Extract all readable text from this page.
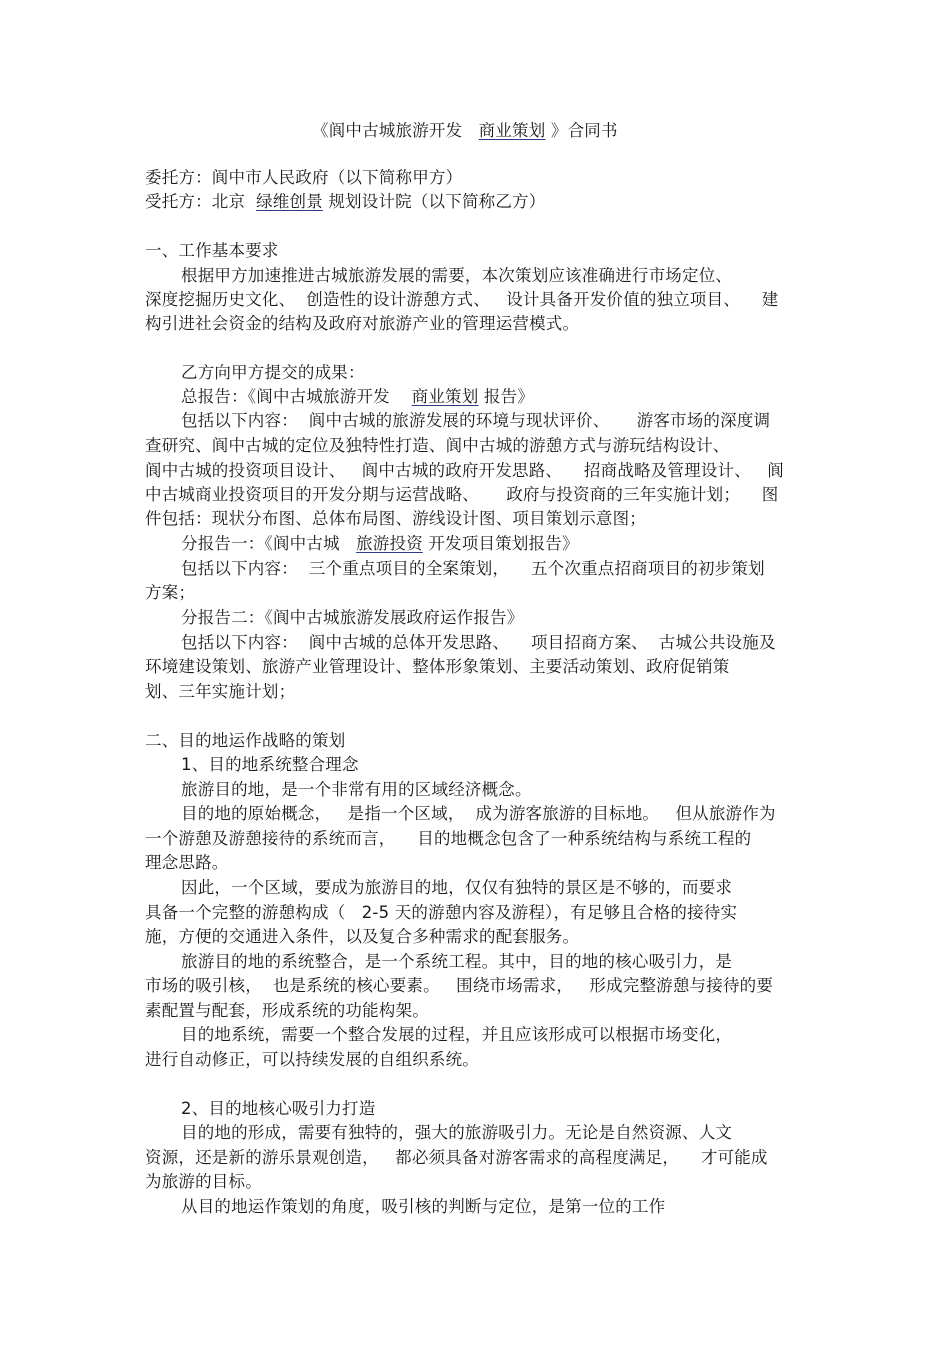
《阆中古城旅游开发   商业策划 》合同书

委托方：阆中市人民政府（以下简称甲方）

受托方：北京  绿维创景 规划设计院（以下简称乙方）

一、工作基本要求

根据甲方加速推进古城旅游发展的需要，本次策划应该准确进行市场定位、

深度挖掘历史文化、  创造性的设计游憩方式、   设计具备开发价值的独立项目、    建

构引进社会资金的结构及政府对旅游产业的管理运营模式。

乙方向甲方提交的成果：

总报告：《阆中古城旅游开发    商业策划 报告》

包括以下内容：  阆中古城的旅游发展的环境与现状评价、     游客市场的深度调

查研究、阆中古城的定位及独特性打造、阆中古城的游憩方式与游玩结构设计、

阆中古城的投资项目设计、   阆中古城的政府开发思路、    招商战略及管理设计、   阆

中古城商业投资项目的开发分期与运营战略、     政府与投资商的三年实施计划；    图

件包括：现状分布图、总体布局图、游线设计图、项目策划示意图；

分报告一：《阆中古城   旅游投资 开发项目策划报告》

包括以下内容：  三个重点项目的全案策划，    五个次重点招商项目的初步策划

方案；

分报告二：《阆中古城旅游发展政府运作报告》

包括以下内容：  阆中古城的总体开发思路、    项目招商方案、  古城公共设施及

环境建设策划、旅游产业管理设计、整体形象策划、主要活动策划、政府促销策

划、三年实施计划；

二、目的地运作战略的策划

1、目的地系统整合理念

旅游目的地，是一个非常有用的区域经济概念。

目的地的原始概念，   是指一个区域，  成为游客旅游的目标地。   但从旅游作为

一个游憩及游憩接待的系统而言，    目的地概念包含了一种系统结构与系统工程的

理念思路。

因此，一个区域，要成为旅游目的地，仅仅有独特的景区是不够的，而要求

具备一个完整的游憩构成（   2-5 天的游憩内容及游程），有足够且合格的接待实

施，方便的交通进入条件，以及复合多种需求的配套服务。

旅游目的地的系统整合，是一个系统工程。其中，目的地的核心吸引力，是

市场的吸引核，  也是系统的核心要素。   围绕市场需求，   形成完整游憩与接待的要

素配置与配套，形成系统的功能构架。

目的地系统，需要一个整合发展的过程，并且应该形成可以根据市场变化，

进行自动修正，可以持续发展的自组织系统。

2、目的地核心吸引力打造

目的地的形成，需要有独特的，强大的旅游吸引力。无论是自然资源、人文

资源，还是新的游乐景观创造，   都必须具备对游客需求的高程度满足，    才可能成

为旅游的目标。

从目的地运作策划的角度，吸引核的判断与定位，是第一位的工作
